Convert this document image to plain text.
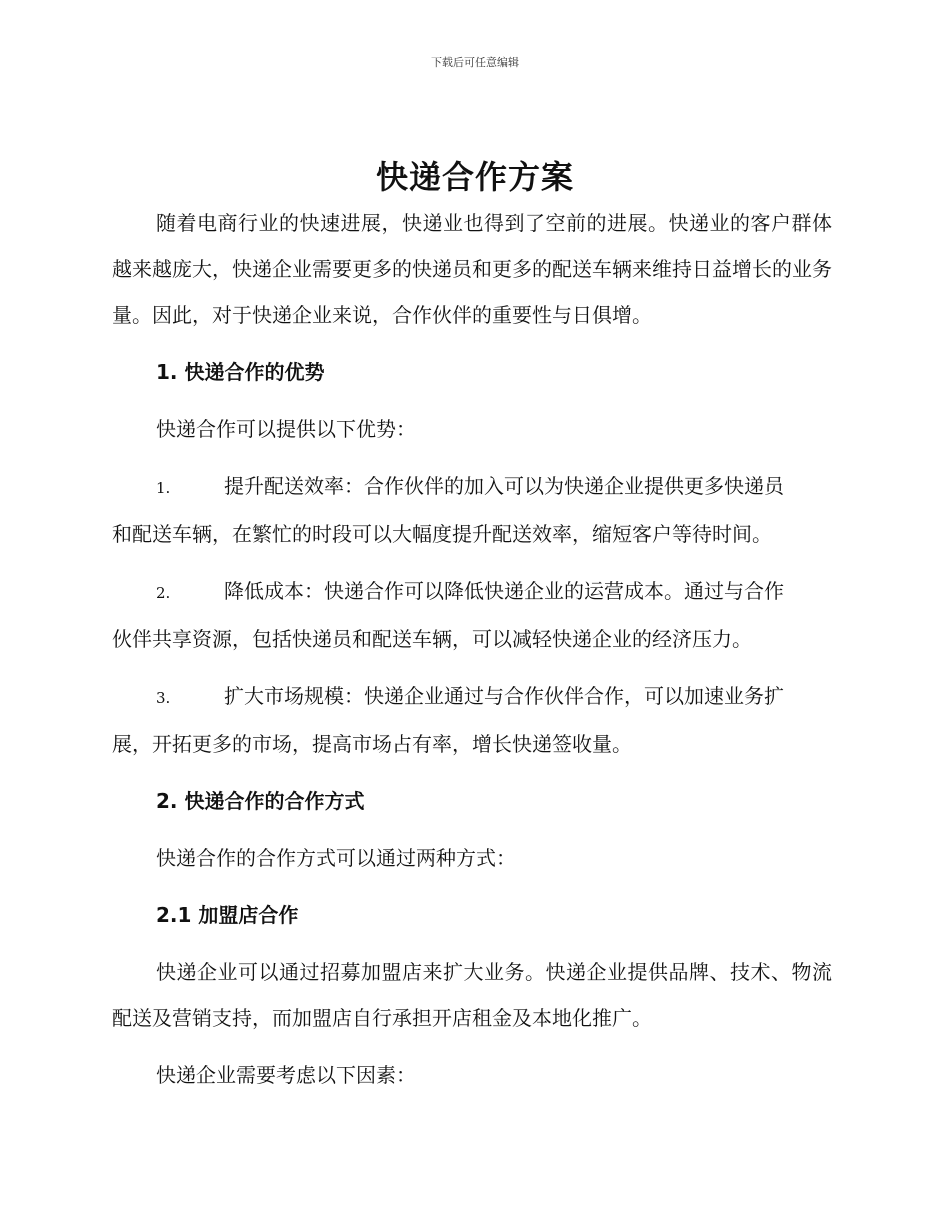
下载后可任意编辑
快递合作方案

随着电商行业的快速进展，快递业也得到了空前的进展。快递业的客户群体越来越庞大，快递企业需要更多的快递员和更多的配送车辆来维持日益增长的业务量。因此，对于快递企业来说，合作伙伴的重要性与日俱增。

1. 快递合作的优势

快递合作可以提供以下优势：

1.	提升配送效率：合作伙伴的加入可以为快递企业提供更多快递员
和配送车辆，在繁忙的时段可以大幅度提升配送效率，缩短客户等待时间。
2.	降低成本：快递合作可以降低快递企业的运营成本。通过与合作
伙伴共享资源，包括快递员和配送车辆，可以减轻快递企业的经济压力。
3.	扩大市场规模：快递企业通过与合作伙伴合作，可以加速业务扩
展，开拓更多的市场，提高市场占有率，增长快递签收量。
2. 快递合作的合作方式

快递合作的合作方式可以通过两种方式：

2.1 加盟店合作

快递企业可以通过招募加盟店来扩大业务。快递企业提供品牌、技术、物流配送及营销支持，而加盟店自行承担开店租金及本地化推广。

快递企业需要考虑以下因素：
